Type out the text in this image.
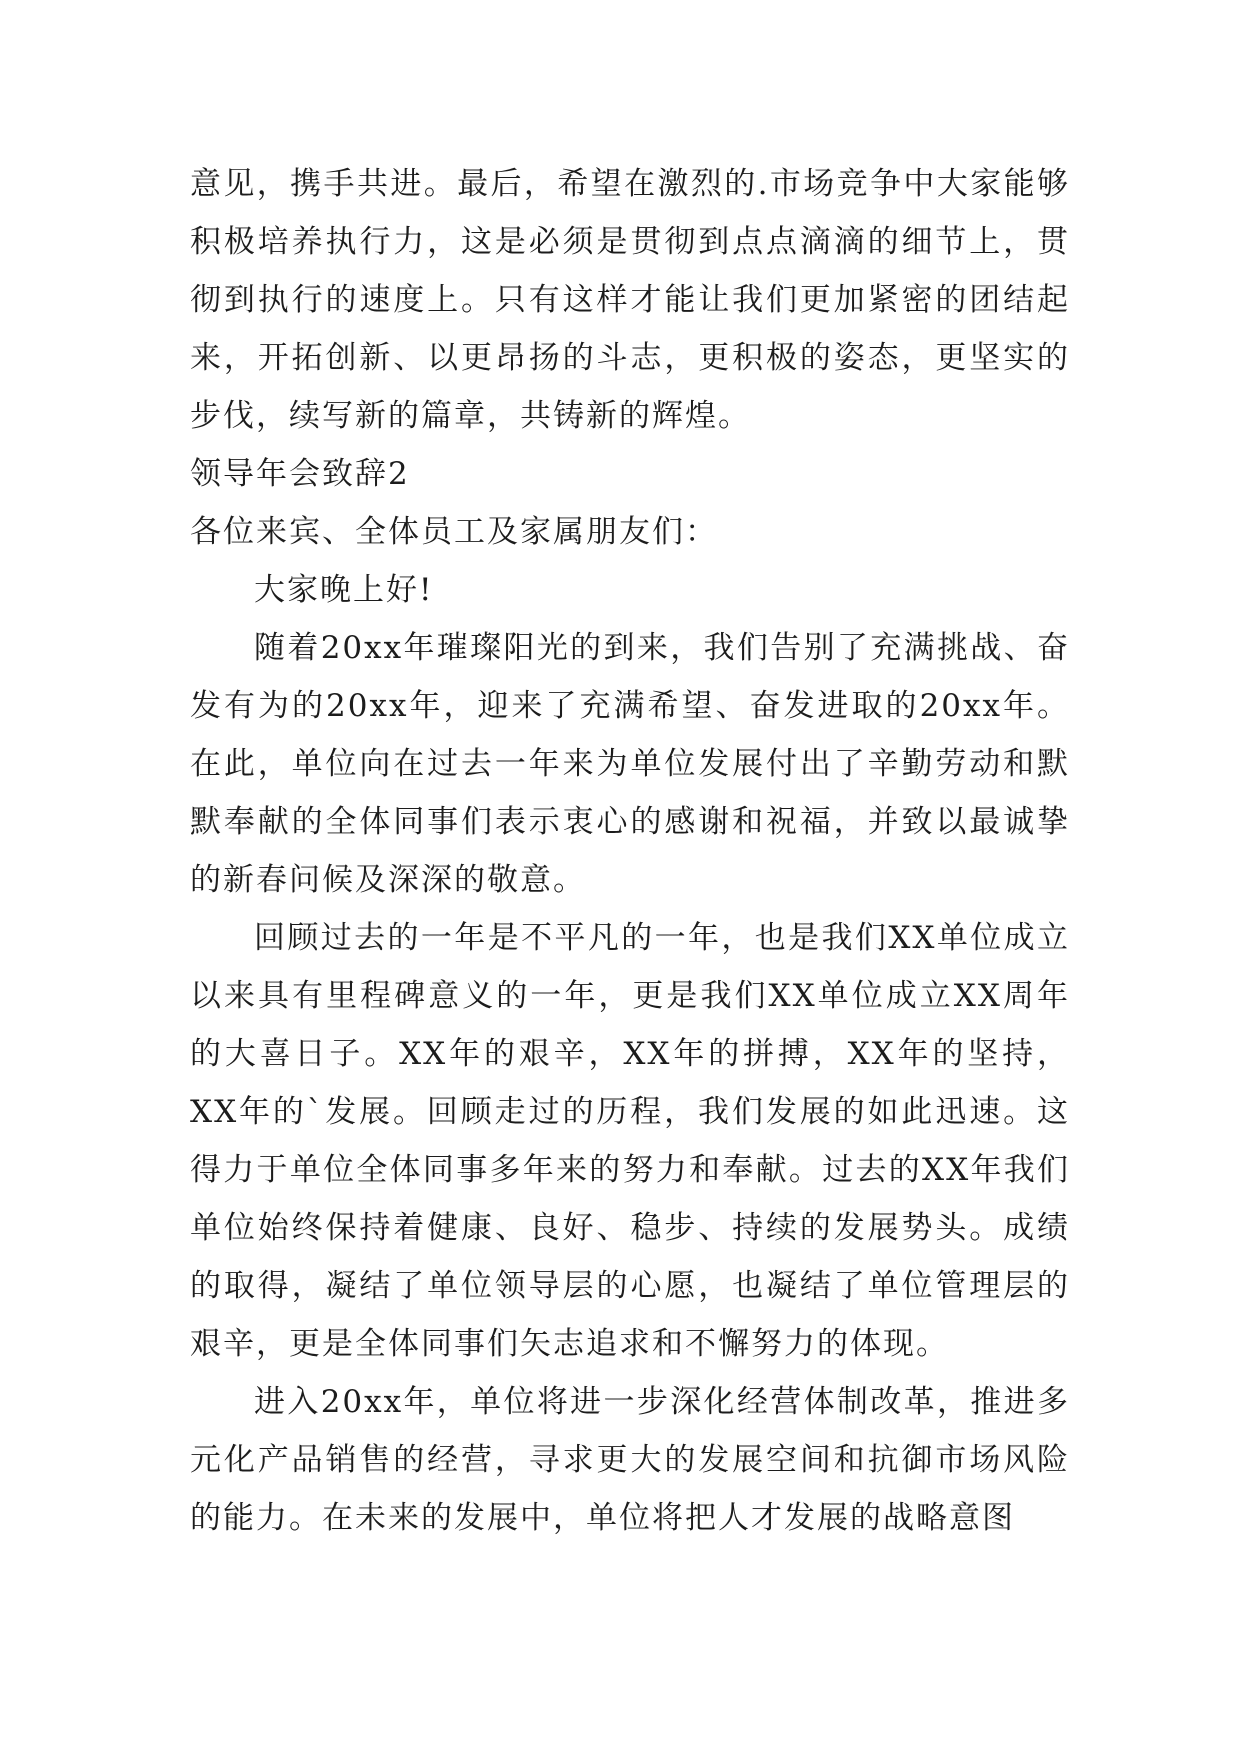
意见，携手共进。最后，希望在激烈的.市场竞争中大家能够积极培养执行力，这是必须是贯彻到点点滴滴的细节上，贯彻到执行的速度上。只有这样才能让我们更加紧密的团结起来，开拓创新、以更昂扬的斗志，更积极的姿态，更坚实的步伐，续写新的篇章，共铸新的辉煌。

领导年会致辞2

各位来宾、全体员工及家属朋友们：

大家晚上好!

随着20xx年璀璨阳光的到来，我们告别了充满挑战、奋发有为的20xx年，迎来了充满希望、奋发进取的20xx年。在此，单位向在过去一年来为单位发展付出了辛勤劳动和默默奉献的全体同事们表示衷心的感谢和祝福，并致以最诚挚的新春问候及深深的敬意。

回顾过去的一年是不平凡的一年，也是我们XX单位成立以来具有里程碑意义的一年，更是我们XX单位成立XX周年的大喜日子。XX年的艰辛，XX年的拼搏，XX年的坚持，XX年的`发展。回顾走过的历程，我们发展的如此迅速。这得力于单位全体同事多年来的努力和奉献。过去的XX年我们单位始终保持着健康、良好、稳步、持续的发展势头。成绩的取得，凝结了单位领导层的心愿，也凝结了单位管理层的艰辛，更是全体同事们矢志追求和不懈努力的体现。

进入20xx年，单位将进一步深化经营体制改革，推进多元化产品销售的经营，寻求更大的发展空间和抗御市场风险的能力。在未来的发展中，单位将把人才发展的战略意图
